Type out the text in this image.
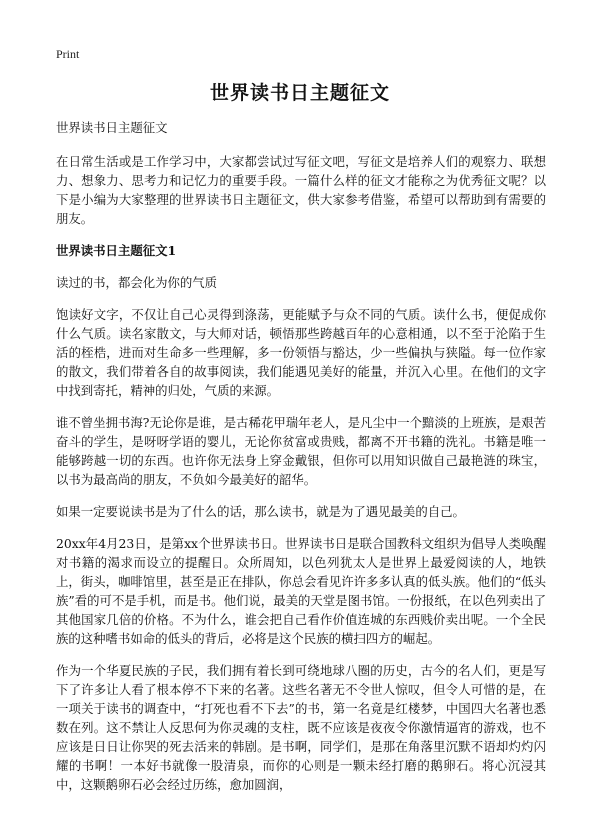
Print
世界读书日主题征文

世界读书日主题征文

在日常生活或是工作学习中，大家都尝试过写征文吧，写征文是培养人们的观察力、联想力、想象力、思考力和记忆力的重要手段。一篇什么样的征文才能称之为优秀征文呢？以下是小编为大家整理的世界读书日主题征文，供大家参考借鉴，希望可以帮助到有需要的朋友。

世界读书日主题征文1

读过的书，都会化为你的气质

饱读好文字，不仅让自己心灵得到涤荡，更能赋予与众不同的气质。读什么书，便促成你什么气质。读名家散文，与大师对话，顿悟那些跨越百年的心意相通，以不至于沦陷于生活的桎梏，进而对生命多一些理解，多一份领悟与豁达，少一些偏执与狭隘。每一位作家的散文，我们带着各自的故事阅读，我们能遇见美好的能量，并沉入心里。在他们的文字中找到寄托，精神的归处，气质的来源。

谁不曾坐拥书海?无论你是谁，是古稀花甲瑞年老人，是凡尘中一个黯淡的上班族，是艰苦奋斗的学生，是呀呀学语的婴儿，无论你贫富或贵贱，都离不开书籍的洗礼。书籍是唯一能够跨越一切的东西。也许你无法身上穿金戴银，但你可以用知识做自己最艳涟的珠宝，以书为最高尚的朋友，不负如今最美好的韶华。

如果一定要说读书是为了什么的话，那么读书，就是为了遇见最美的自己。

20xx年4月23日，是第xx个世界读书日。世界读书日是联合国教科文组织为倡导人类唤醒对书籍的渴求而设立的提醒日。众所周知，以色列犹太人是世界上最爱阅读的人，地铁上，街头，咖啡馆里，甚至是正在排队，你总会看见许许多多认真的低头族。他们的“低头族”看的可不是手机，而是书。他们说，最美的天堂是图书馆。一份报纸，在以色列卖出了其他国家几倍的价格。不为什么，谁会把自己看作价值连城的东西贱价卖出呢。一个全民族的这种嗜书如命的低头的背后，必将是这个民族的横扫四方的崛起。

作为一个华夏民族的子民，我们拥有着长到可绕地球八圈的历史，古今的名人们，更是写下了许多让人看了根本停不下来的名著。这些名著无不令世人惊叹，但令人可惜的是，在一项关于读书的调查中，“打死也看不下去”的书，第一名竟是红楼梦，中国四大名著也悉数在列。这不禁让人反思何为你灵魂的支柱，既不应该是夜夜令你激情逼宵的游戏，也不应该是日日让你哭的死去活来的韩剧。是书啊，同学们，是那在角落里沉默不语却灼灼闪耀的书啊！一本好书就像一股清泉，而你的心则是一颗未经打磨的鹅卵石。将心沉浸其中，这颗鹅卵石必会经过历练，愈加圆润，
